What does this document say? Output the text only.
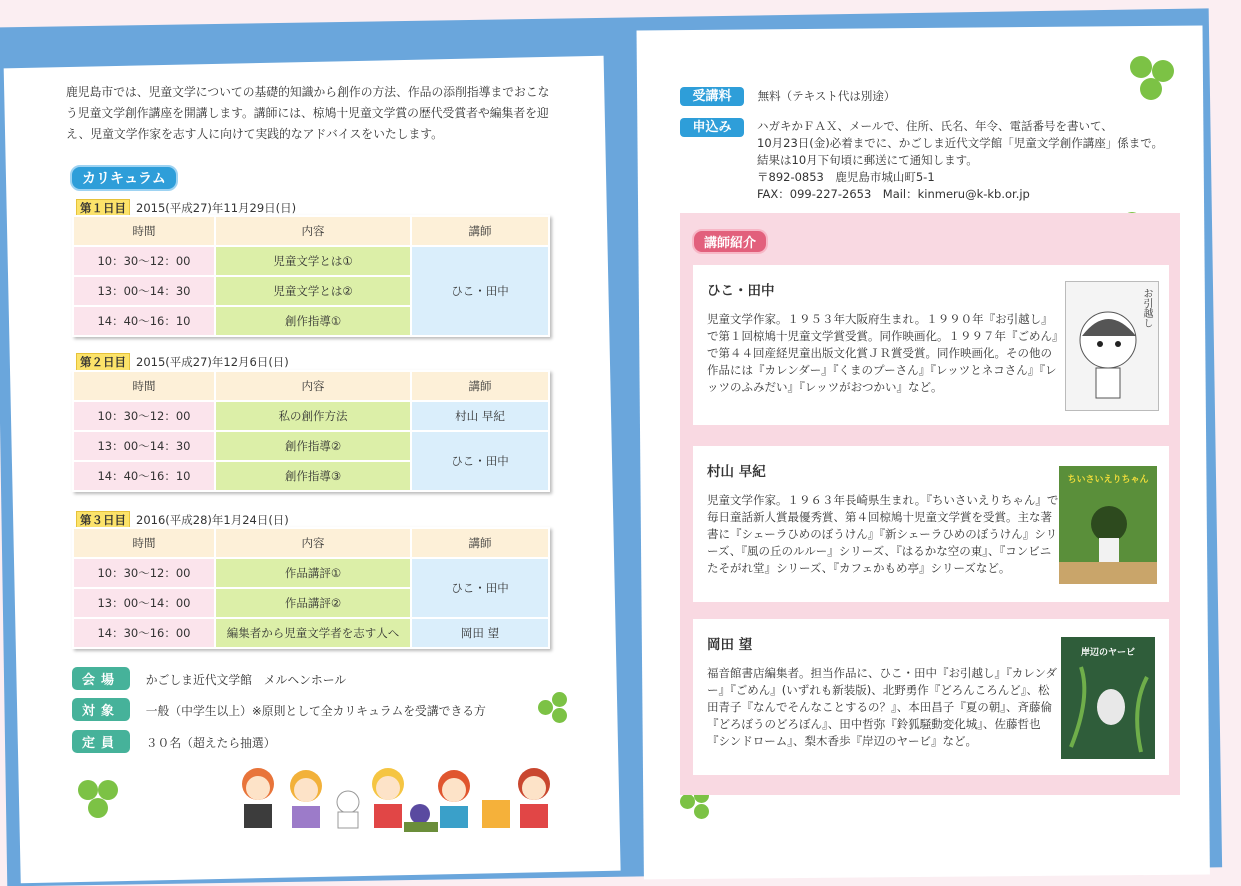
鹿児島市では、児童文学についての基礎的知識から創作の方法、作品の添削指導までおこなう児童文学創作講座を開講します。講師には、椋鳩十児童文学賞の歴代受賞者や編集者を迎え、児童文学作家を志す人に向けて実践的なアドバイスをいたします。
カリキュラム
第１日目 2015(平成27)年11月29日(日)
時間	内容	講師
10：30～12：00	児童文学とは①	ひこ・田中
13：00～14：30	児童文学とは②	
14：40～16：10	創作指導①	
第２日目 2015(平成27)年12月6日(日)
時間	内容	講師
10：30～12：00	私の創作方法	村山 早紀
13：00～14：30	創作指導②	ひこ・田中
14：40～16：10	創作指導③	
第３日目 2016(平成28)年1月24日(日)
時間	内容	講師
10：30～12：00	作品講評①	ひこ・田中
13：00～14：00	作品講評②	
14：30～16：00	編集者から児童文学者を志す人へ	岡田 望
会場 かごしま近代文学館　メルヘンホール
対象 一般（中学生以上）※原則として全カリキュラムを受講できる方
定員 ３０名（超えたら抽選）
受講料 無料（テキスト代は別途）
申込み	ハガキかＦＡＸ、メールで、住所、氏名、年令、電話番号を書いて、
10月23日(金)必着までに、かごしま近代文学館「児童文学創作講座」係まで。
結果は10月下旬頃に郵送にて通知します。
〒892-0853　鹿児島市城山町5-1
FAX：099-227-2653　Mail：kinmeru@k-kb.or.jp
講師紹介
ひこ・田中
児童文学作家。１９５３年大阪府生まれ。１９９０年『お引越し』で第１回椋鳩十児童文学賞受賞。同作映画化。１９９７年『ごめん』で第４４回産経児童出版文化賞ＪＲ賞受賞。同作映画化。その他の作品には『カレンダー』『くまのプーさん』『レッツとネコさん』『レッツのふみだい』『レッツがおつかい』など。
お引越し
村山 早紀
児童文学作家。１９６３年長崎県生まれ。『ちいさいえりちゃん』で毎日童話新人賞最優秀賞、第４回椋鳩十児童文学賞を受賞。主な著書に『シェーラひめのぼうけん』『新シェーラひめのぼうけん』シリーズ、『風の丘のルルー』シリーズ、『はるかな空の東』、『コンビニたそがれ堂』シリーズ、『カフェかもめ亭』シリーズなど。
ちいさいえりちゃん
岡田 望
福音館書店編集者。担当作品に、ひこ・田中『お引越し』『カレンダー』『ごめん』(いずれも新装版)、北野勇作『どろんころんど』、松田青子『なんでそんなことするの？』、本田昌子『夏の朝』、斉藤倫『どろぼうのどろぼん』、田中哲弥『鈴狐騒動変化城』、佐藤哲也『シンドローム』、梨木香歩『岸辺のヤービ』など。
岸辺のヤービ
